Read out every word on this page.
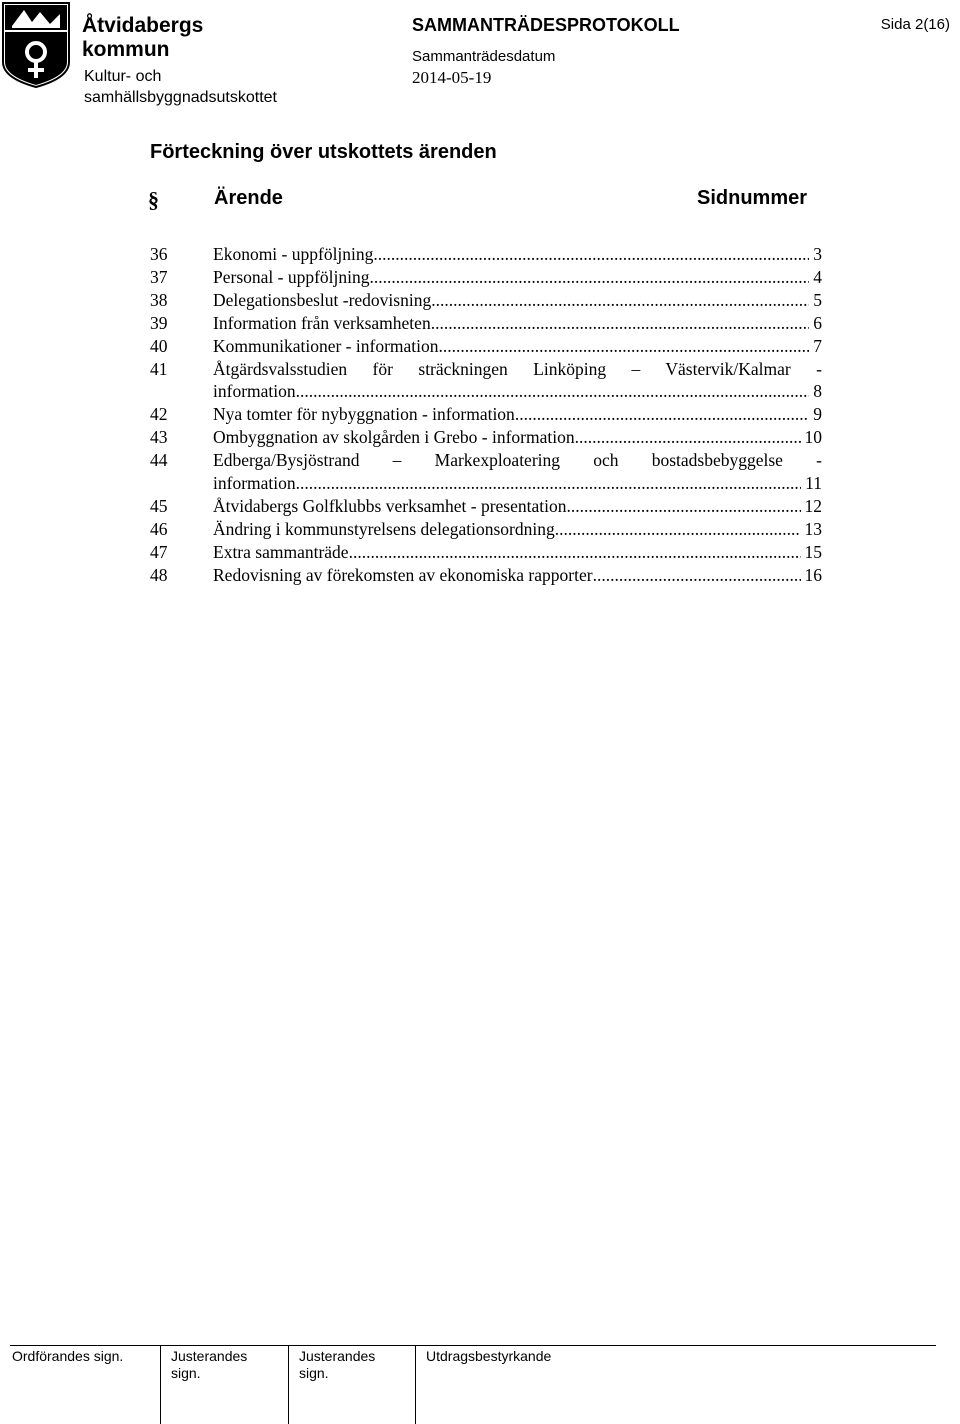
Åtvidabergs
kommun
Kultur- och
samhällsbyggnadsutskottet
SAMMANTRÄDESPROTOKOLL
Sammanträdesdatum
2014-05-19
Sida 2(16)
Förteckning över utskottets ärenden
§	Ärende	Sidnummer
36	Ekonomi - uppföljning .....	3
37	Personal - uppföljning .....	4
38	Delegationsbeslut -redovisning .....	5
39	Information från verksamheten .....	6
40	Kommunikationer - information .....	7
41	Åtgärdsvalsstudien för sträckningen Linköping – Västervik/Kalmar -
information .....	8
42	Nya tomter för nybyggnation - information .....	9
43	Ombyggnation av skolgården i Grebo - information .....	10
44	Edberga/Bysjöstrand – Markexploatering och bostadsbebyggelse -
information .....	11
45	Åtvidabergs Golfklubbs verksamhet - presentation .....	12
46	Ändring i kommunstyrelsens delegationsordning .....	13
47	Extra sammanträde .....	15
48	Redovisning av förekomsten av ekonomiska rapporter .....	16
Ordförandes sign.	Justerandes
sign.
Justerandes
sign.
Utdragsbestyrkande
